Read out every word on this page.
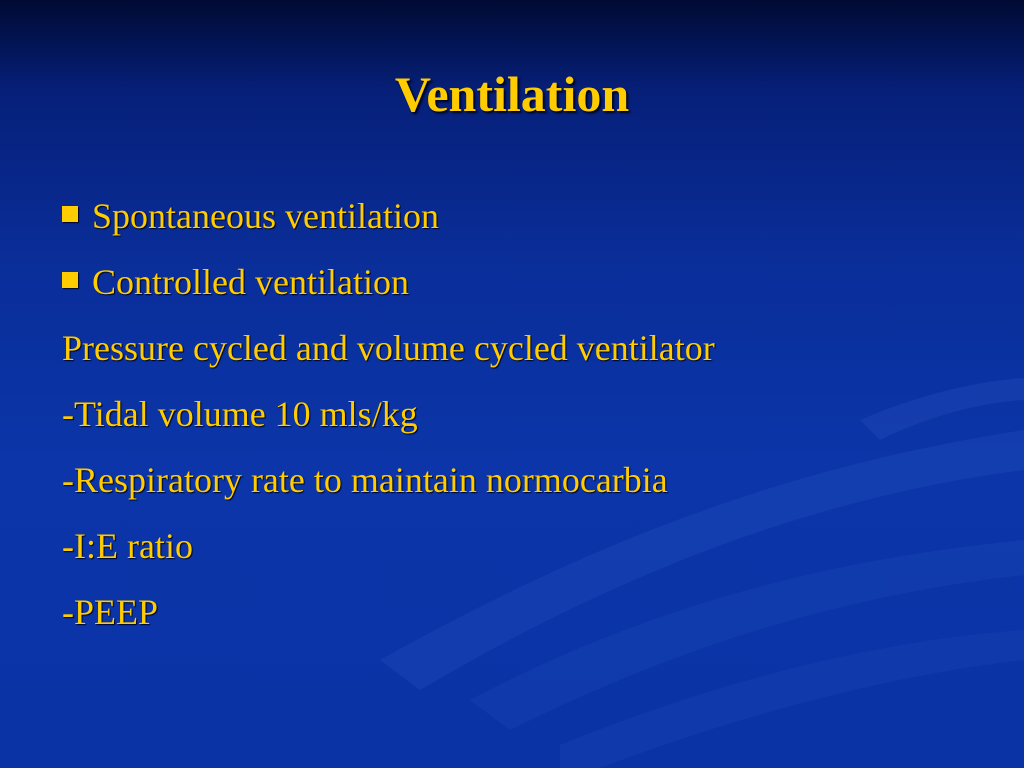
Ventilation
Spontaneous ventilation
Controlled ventilation
Pressure cycled and volume cycled ventilator
-Tidal volume 10 mls/kg
-Respiratory rate to maintain normocarbia
-I:E ratio
-PEEP
